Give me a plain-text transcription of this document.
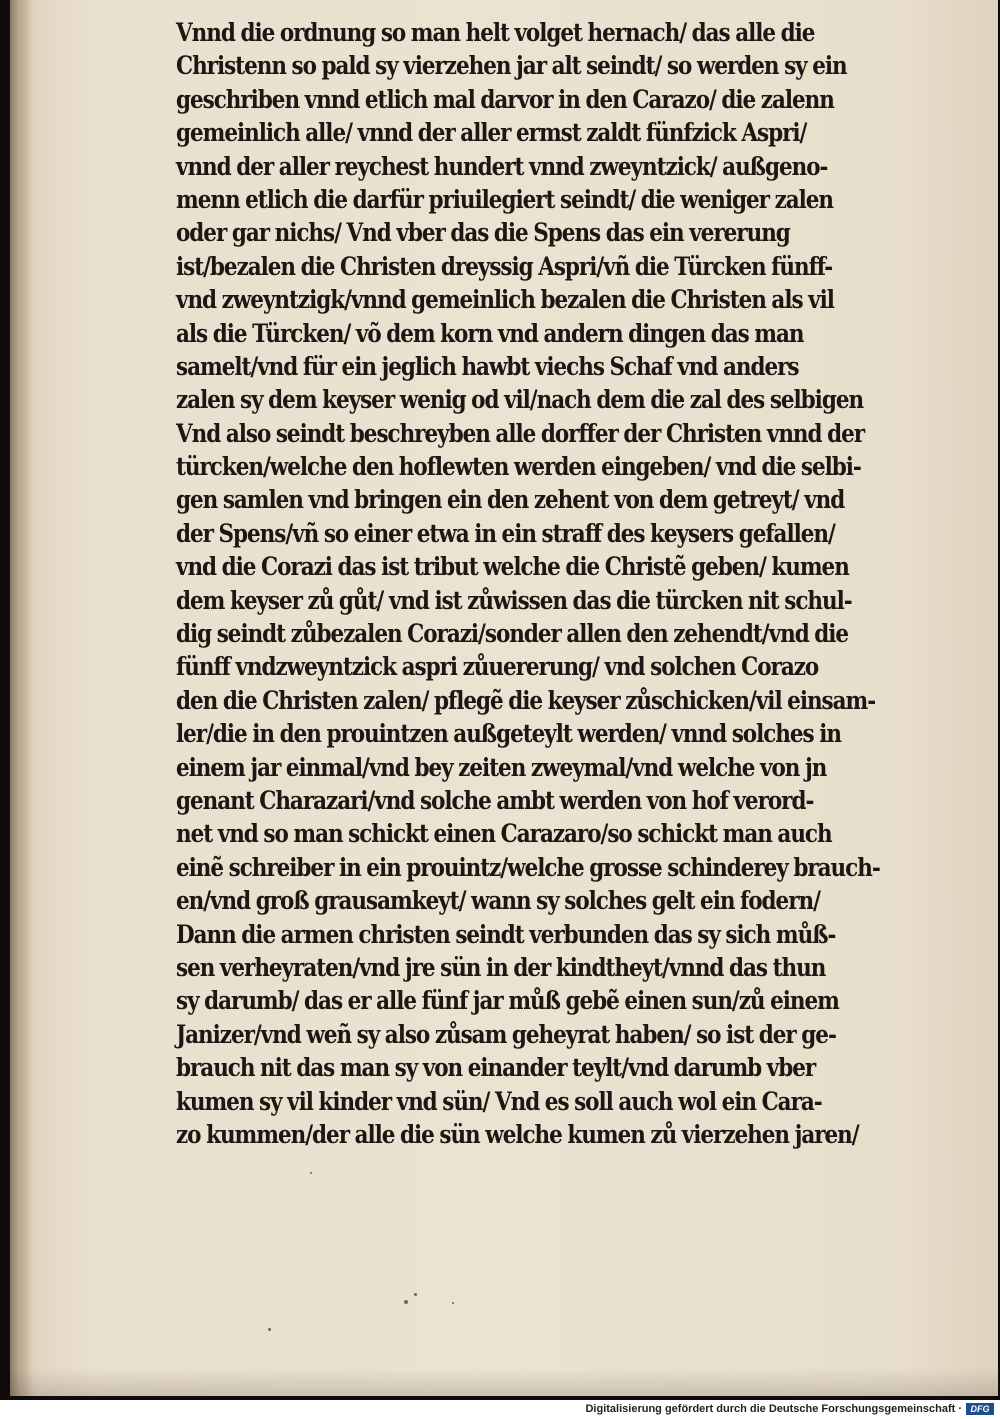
Vnnd die ordnung so man helt volget hernach/ das alle die
Christenn so pald sy vierzehen jar alt seindt/ so werden sy ein
geschriben vnnd etlich mal darvor in den Carazo/ die zalenn
gemeinlich alle/ vnnd der aller ermst zaldt fünfzick Aspri/
vnnd der aller reychest hundert vnnd zweyntzick/ außgeno-
menn etlich die darfür priuilegiert seindt/ die weniger zalen
oder gar nichs/ Vnd vber das die Spens das ein vererung
ist/bezalen die Christen dreyssig Aspri/vñ die Türcken fünff-
vnd zweyntzigk/vnnd gemeinlich bezalen die Christen als vil
als die Türcken/ võ dem korn vnd andern dingen das man
samelt/vnd für ein jeglich hawbt viechs Schaf vnd anders
zalen sy dem keyser wenig od vil/nach dem die zal des selbigen
Vnd also seindt beschreyben alle dorffer der Christen vnnd der
türcken/welche den hoflewten werden eingeben/ vnd die selbi-
gen samlen vnd bringen ein den zehent von dem getreyt/ vnd
der Spens/vñ so einer etwa in ein straff des keysers gefallen/
vnd die Corazi das ist tribut welche die Christẽ geben/ kumen
dem keyser zů gůt/ vnd ist zůwissen das die türcken nit schul-
dig seindt zůbezalen Corazi/sonder allen den zehendt/vnd die
fünff vndzweyntzick aspri zůuererung/ vnd solchen Corazo
den die Christen zalen/ pflegẽ die keyser zůschicken/vil einsam-
ler/die in den prouintzen außgeteylt werden/ vnnd solches in
einem jar einmal/vnd bey zeiten zweymal/vnd welche von jn
genant Charazari/vnd solche ambt werden von hof verord-
net vnd so man schickt einen Carazaro/so schickt man auch
einẽ schreiber in ein prouintz/welche grosse schinderey brauch-
en/vnd groß grausamkeyt/ wann sy solches gelt ein fodern/
Dann die armen christen seindt verbunden das sy sich můß-
sen verheyraten/vnd jre sün in der kindtheyt/vnnd das thun
sy darumb/ das er alle fünf jar můß gebẽ einen sun/zů einem
Janizer/vnd weñ sy also zůsam geheyrat haben/ so ist der ge-
brauch nit das man sy von einander teylt/vnd darumb vber
kumen sy vil kinder vnd sün/ Vnd es soll auch wol ein Cara-
zo kummen/der alle die sün welche kumen zů vierzehen jaren/
Digitalisierung gefördert durch die Deutsche Forschungsgemeinschaft · DFG
